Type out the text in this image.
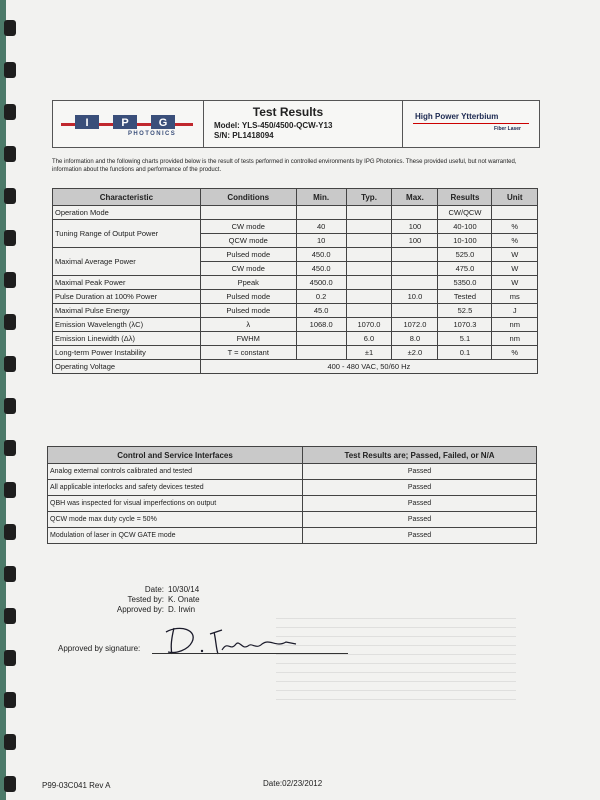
I	P	G
PHOTONICS
Test Results
Model: YLS-450/4500-QCW-Y13
S/N: PL1418094
High Power Ytterbium
Fiber Laser
The information and the following charts provided below is the result of tests performed in controlled environments by IPG Photonics. These provided useful, but not warranted, information about the functions and performance of the product.
Characteristic	Conditions	Min.	Typ.	Max.	Results	Unit
Operation Mode					CW/QCW	
Tuning Range of Output Power	CW mode	40		100	40-100	%
	QCW mode	10		100	10-100	%
Maximal Average Power	Pulsed mode	450.0			525.0	W
	CW mode	450.0			475.0	W
Maximal Peak Power	Ppeak	4500.0			5350.0	W
Pulse Duration at 100% Power	Pulsed mode	0.2		10.0	Tested	ms
Maximal Pulse Energy	Pulsed mode	45.0			52.5	J
Emission Wavelength (λC)	λ	1068.0	1070.0	1072.0	1070.3	nm
Emission Linewidth (Δλ)	FWHM		6.0	8.0	5.1	nm
Long-term Power Instability	T = constant		±1	±2.0	0.1	%
Operating Voltage	400 - 480 VAC, 50/60 Hz					
Control and Service Interfaces	Test Results are; Passed, Failed, or N/A
Analog external controls calibrated and tested	Passed
All applicable interlocks and safety devices tested	Passed
QBH was inspected for visual imperfections on output	Passed
QCW mode max duty cycle = 50%	Passed
Modulation of laser in QCW GATE mode	Passed
Date: 10/30/14
Tested by: K. Onate
Approved by: D. Irwin
Approved by signature:
P99-03C041 Rev A	Date:02/23/2012
